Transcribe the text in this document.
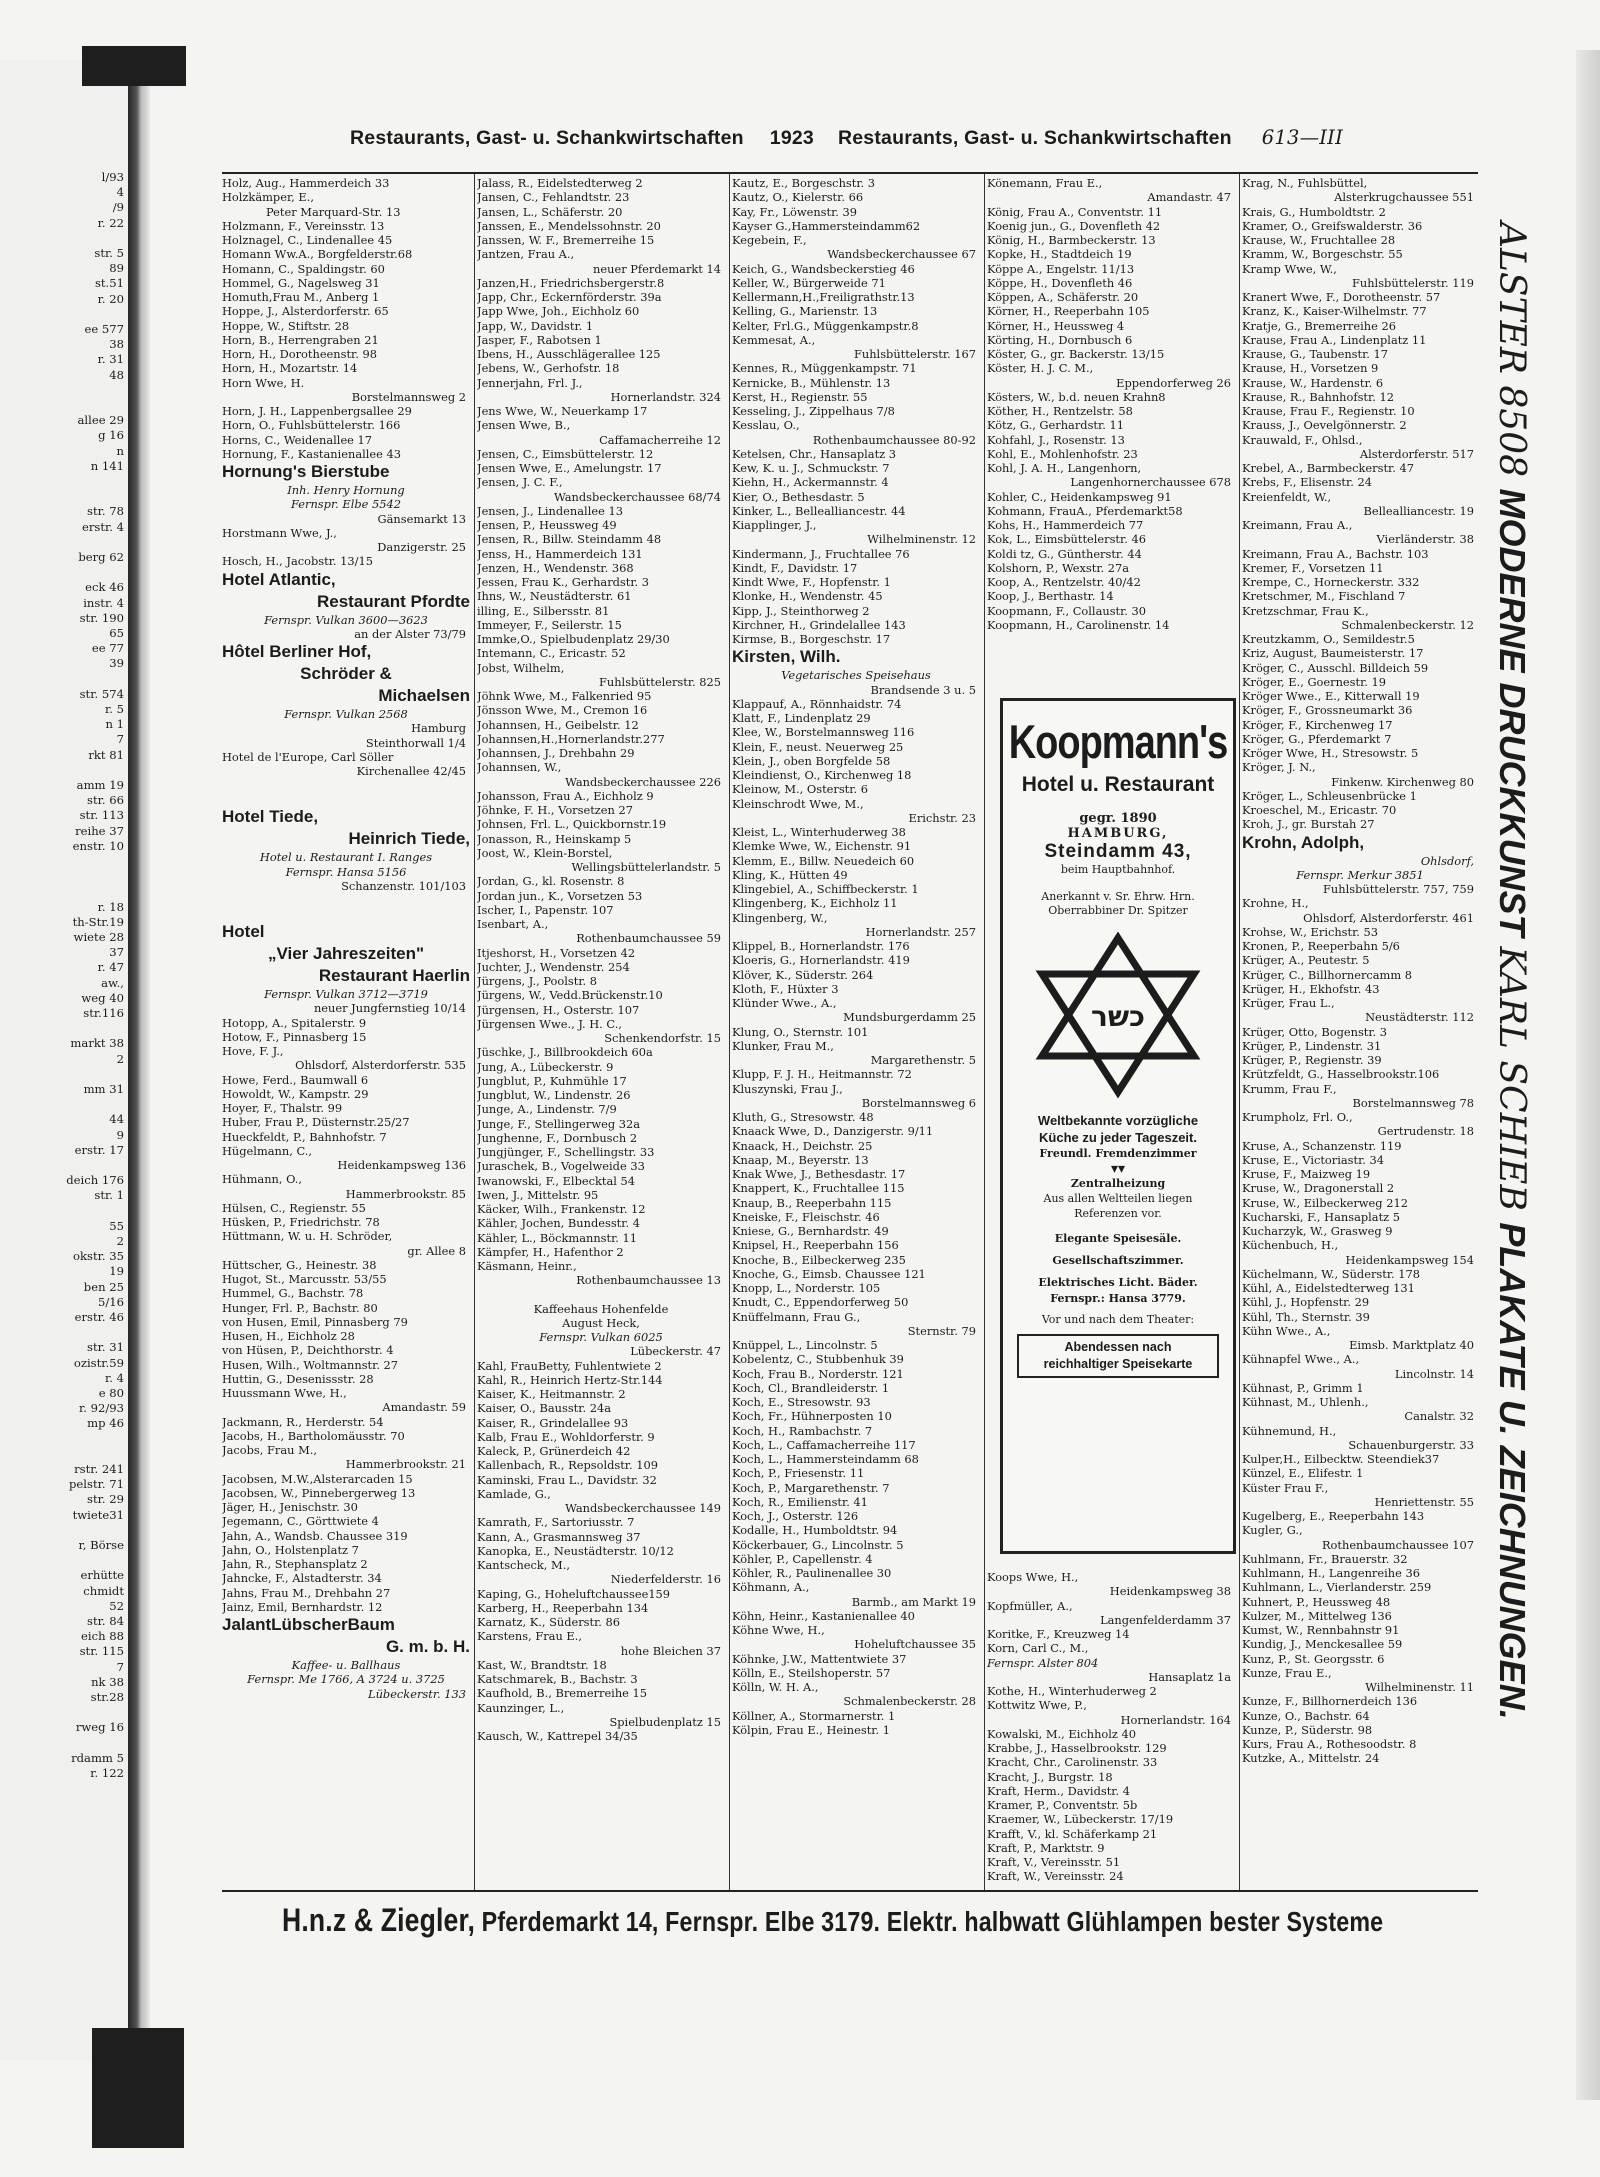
l/93
4
/9
r. 22
str. 5
89
st.51
r. 20
ee 577
38
r. 31
48
allee 29
g 16
n
n 141
str. 78
erstr. 4
berg 62
eck 46
instr. 4
str. 190
65
ee 77
39
str. 574
r. 5
n 1
7
rkt 81
amm 19
str. 66
str. 113
reihe 37
enstr. 10
r. 18
th-Str.19
wiete 28
37
r. 47
aw.,
weg 40
str.116
markt 38
2
mm 31
44
9
erstr. 17
deich 176
str. 1
55
2
okstr. 35
19
ben 25
5/16
erstr. 46
str. 31
ozistr.59
r. 4
e 80
r. 92/93
mp 46
rstr. 241
pelstr. 71
str. 29
twiete31
r, Börse
erhütte
chmidt
52
str. 84
eich 88
str. 115
7
nk 38
str.28
rweg 16
rdamm 5
r. 122
Restaurants, Gast- u. Schankwirtschaften 1923 Restaurants, Gast- u. Schankwirtschaften 613—III
Holz, Aug., Hammerdeich 33
Holzkämper, E.,
Peter Marquard-Str. 13
Holzmann, F., Vereinsstr. 13
Holznagel, C., Lindenallee 45
Homann Ww.A., Borgfelderstr.68
Homann, C., Spaldingstr. 60
Hommel, G., Nagelsweg 31
Homuth,Frau M., Anberg 1
Hoppe, J., Alsterdorferstr. 65
Hoppe, W., Stiftstr. 28
Horn, B., Herrengraben 21
Horn, H., Dorotheenstr. 98
Horn, H., Mozartstr. 14
Horn Wwe, H.
Borstelmannsweg 2
Horn, J. H., Lappenbergsallee 29
Horn, O., Fuhlsbüttelerstr. 166
Horns, C., Weidenallee 17
Hornung, F., Kastanienallee 43
Hornung's Bierstube
Inh. Henry Hornung
Fernspr. Elbe 5542
Gänsemarkt 13
Horstmann Wwe, J.,
Danzigerstr. 25
Hosch, H., Jacobstr. 13/15
Hotel Atlantic,
Restaurant Pfordte
Fernspr. Vulkan 3600—3623
an der Alster 73/79
Hôtel Berliner Hof,
Schröder &
Michaelsen
Fernspr. Vulkan 2568
Hamburg
Steinthorwall 1/4
Hotel de l'Europe, Carl Söller
Kirchenallee 42/45
Hotel Tiede,
Heinrich Tiede,
Hotel u. Restaurant I. Ranges
Fernspr. Hansa 5156
Schanzenstr. 101/103
Hotel
„Vier Jahreszeiten"
Restaurant Haerlin
Fernspr. Vulkan 3712—3719
neuer Jungfernstieg 10/14
Hotopp, A., Spitalerstr. 9
Hotow, F., Pinnasberg 15
Hove, F. J.,
Ohlsdorf, Alsterdorferstr. 535
Howe, Ferd., Baumwall 6
Howoldt, W., Kampstr. 29
Hoyer, F., Thalstr. 99
Huber, Frau P., Düsternstr.25/27
Hueckfeldt, P., Bahnhofstr. 7
Hügelmann, C.,
Heidenkampsweg 136
Hühmann, O.,
Hammerbrookstr. 85
Hülsen, C., Regienstr. 55
Hüsken, P., Friedrichstr. 78
Hüttmann, W. u. H. Schröder,
gr. Allee 8
Hüttscher, G., Heinestr. 38
Hugot, St., Marcusstr. 53/55
Hummel, G., Bachstr. 78
Hunger, Frl. P., Bachstr. 80
von Husen, Emil, Pinnasberg 79
Husen, H., Eichholz 28
von Hüsen, P., Deichthorstr. 4
Husen, Wilh., Woltmannstr. 27
Huttin, G., Desenissstr. 28
Huussmann Wwe, H.,
Amandastr. 59
Jackmann, R., Herderstr. 54
Jacobs, H., Bartholomäusstr. 70
Jacobs, Frau M.,
Hammerbrookstr. 21
Jacobsen, M.W.,Alsterarcaden 15
Jacobsen, W., Pinnebergerweg 13
Jäger, H., Jenischstr. 30
Jegemann, C., Görttwiete 4
Jahn, A., Wandsb. Chaussee 319
Jahn, O., Holstenplatz 7
Jahn, R., Stephansplatz 2
Jahncke, F., Alstadterstr. 34
Jahns, Frau M., Drehbahn 27
Jainz, Emil, Bernhardstr. 12
JalantLübscherBaum
G. m. b. H.
Kaffee- u. Ballhaus
Fernspr. Me 1766, A 3724 u. 3725
Lübeckerstr. 133
Jalass, R., Eidelstedterweg 2
Jansen, C., Fehlandtstr. 23
Jansen, L., Schäferstr. 20
Janssen, E., Mendelssohnstr. 20
Janssen, W. F., Bremerreihe 15
Jantzen, Frau A.,
neuer Pferdemarkt 14
Janzen,H., Friedrichsbergerstr.8
Japp, Chr., Eckernförderstr. 39a
Japp Wwe, Joh., Eichholz 60
Japp, W., Davidstr. 1
Jasper, F., Rabotsen 1
Ibens, H., Ausschlägerallee 125
Jebens, W., Gerhofstr. 18
Jennerjahn, Frl. J.,
Hornerlandstr. 324
Jens Wwe, W., Neuerkamp 17
Jensen Wwe, B.,
Caffamacherreihe 12
Jensen, C., Eimsbüttelerstr. 12
Jensen Wwe, E., Amelungstr. 17
Jensen, J. C. F.,
Wandsbeckerchaussee 68/74
Jensen, J., Lindenallee 13
Jensen, P., Heussweg 49
Jensen, R., Billw. Steindamm 48
Jenss, H., Hammerdeich 131
Jenzen, H., Wendenstr. 368
Jessen, Frau K., Gerhardstr. 3
Ihns, W., Neustädterstr. 61
illing, E., Silbersstr. 81
Immeyer, F., Seilerstr. 15
Immke,O., Spielbudenplatz 29/30
Intemann, C., Ericastr. 52
Jobst, Wilhelm,
Fuhlsbüttelerstr. 825
Jöhnk Wwe, M., Falkenried 95
Jönsson Wwe, M., Cremon 16
Johannsen, H., Geibelstr. 12
Johannsen,H.,Hornerlandstr.277
Johannsen, J., Drehbahn 29
Johannsen, W.,
Wandsbeckerchaussee 226
Johansson, Frau A., Eichholz 9
Jöhnke, F. H., Vorsetzen 27
Johnsen, Frl. L., Quickbornstr.19
Jonasson, R., Heinskamp 5
Joost, W., Klein-Borstel,
Wellingsbüttelerlandstr. 5
Jordan, G., kl. Rosenstr. 8
Jordan jun., K., Vorsetzen 53
Ischer, I., Papenstr. 107
Isenbart, A.,
Rothenbaumchaussee 59
Itjeshorst, H., Vorsetzen 42
Juchter, J., Wendenstr. 254
Jürgens, J., Poolstr. 8
Jürgens, W., Vedd.Brückenstr.10
Jürgensen, H., Osterstr. 107
Jürgensen Wwe., J. H. C.,
Schenkendorfstr. 15
Jüschke, J., Billbrookdeich 60a
Jung, A., Lübeckerstr. 9
Jungblut, P., Kuhmühle 17
Jungblut, W., Lindenstr. 26
Junge, A., Lindenstr. 7/9
Junge, F., Stellingerweg 32a
Junghenne, F., Dornbusch 2
Jungjünger, F., Schellingstr. 33
Juraschek, B., Vogelweide 33
Iwanowski, F., Elbecktal 54
Iwen, J., Mittelstr. 95
Käcker, Wilh., Frankenstr. 12
Kähler, Jochen, Bundesstr. 4
Kähler, L., Böckmannstr. 11
Kämpfer, H., Hafenthor 2
Käsmann, Heinr.,
Rothenbaumchaussee 13
Kaffeehaus Hohenfelde
August Heck,
Fernspr. Vulkan 6025
Lübeckerstr. 47
Kahl, FrauBetty, Fuhlentwiete 2
Kahl, R., Heinrich Hertz-Str.144
Kaiser, K., Heitmannstr. 2
Kaiser, O., Bausstr. 24a
Kaiser, R., Grindelallee 93
Kalb, Frau E., Wohldorferstr. 9
Kaleck, P., Grünerdeich 42
Kallenbach, R., Repsoldstr. 109
Kaminski, Frau L., Davidstr. 32
Kamlade, G.,
Wandsbeckerchaussee 149
Kamrath, F., Sartoriusstr. 7
Kann, A., Grasmannsweg 37
Kanopka, E., Neustädterstr. 10/12
Kantscheck, M.,
Niederfelderstr. 16
Kaping, G., Hoheluftchaussee159
Karberg, H., Reeperbahn 134
Karnatz, K., Süderstr. 86
Karstens, Frau E.,
hohe Bleichen 37
Kast, W., Brandtstr. 18
Katschmarek, B., Bachstr. 3
Kaufhold, B., Bremerreihe 15
Kaunzinger, L.,
Spielbudenplatz 15
Kausch, W., Kattrepel 34/35
Kautz, E., Borgeschstr. 3
Kautz, O., Kielerstr. 66
Kay, Fr., Löwenstr. 39
Kayser G.,Hammersteindamm62
Kegebein, F.,
Wandsbeckerchaussee 67
Keich, G., Wandsbeckerstieg 46
Keller, W., Bürgerweide 71
Kellermann,H.,Freiligrathstr.13
Kelling, G., Marienstr. 13
Kelter, Frl.G., Müggenkampstr.8
Kemmesat, A.,
Fuhlsbüttelerstr. 167
Kennes, R., Müggenkampstr. 71
Kernicke, B., Mühlenstr. 13
Kerst, H., Regienstr. 55
Kesseling, J., Zippelhaus 7/8
Kesslau, O.,
Rothenbaumchaussee 80-92
Ketelsen, Chr., Hansaplatz 3
Kew, K. u. J., Schmuckstr. 7
Kiehn, H., Ackermannstr. 4
Kier, O., Bethesdastr. 5
Kinker, L., Bellealliancestr. 44
Kiapplinger, J.,
Wilhelminenstr. 12
Kindermann, J., Fruchtallee 76
Kindt, F., Davidstr. 17
Kindt Wwe, F., Hopfenstr. 1
Klonke, H., Wendenstr. 45
Kipp, J., Steinthorweg 2
Kirchner, H., Grindelallee 143
Kirmse, B., Borgeschstr. 17
Kirsten, Wilh.
Vegetarisches Speisehaus
Brandsende 3 u. 5
Klappauf, A., Rönnhaidstr. 74
Klatt, F., Lindenplatz 29
Klee, W., Borstelmannsweg 116
Klein, F., neust. Neuerweg 25
Klein, J., oben Borgfelde 58
Kleindienst, O., Kirchenweg 18
Kleinow, M., Osterstr. 6
Kleinschrodt Wwe, M.,
Erichstr. 23
Kleist, L., Winterhuderweg 38
Klemke Wwe, W., Eichenstr. 91
Klemm, E., Billw. Neuedeich 60
Kling, K., Hütten 49
Klingebiel, A., Schiffbeckerstr. 1
Klingenberg, K., Eichholz 11
Klingenberg, W.,
Hornerlandstr. 257
Klippel, B., Hornerlandstr. 176
Kloeris, G., Hornerlandstr. 419
Klöver, K., Süderstr. 264
Kloth, F., Hüxter 3
Klünder Wwe., A.,
Mundsburgerdamm 25
Klung, O., Sternstr. 101
Klunker, Frau M.,
Margarethenstr. 5
Klupp, F. J. H., Heitmannstr. 72
Kluszynski, Frau J.,
Borstelmannsweg 6
Kluth, G., Stresowstr. 48
Knaack Wwe, D., Danzigerstr. 9/11
Knaack, H., Deichstr. 25
Knaap, M., Beyerstr. 13
Knak Wwe, J., Bethesdastr. 17
Knappert, K., Fruchtallee 115
Knaup, B., Reeperbahn 115
Kneiske, F., Fleischstr. 46
Kniese, G., Bernhardstr. 49
Knipsel, H., Reeperbahn 156
Knoche, B., Eilbeckerweg 235
Knoche, G., Eimsb. Chaussee 121
Knopp, L., Norderstr. 105
Knudt, C., Eppendorferweg 50
Knüffelmann, Frau G.,
Sternstr. 79
Knüppel, L., Lincolnstr. 5
Kobelentz, C., Stubbenhuk 39
Koch, Frau B., Norderstr. 121
Koch, Cl., Brandleiderstr. 1
Koch, E., Stresowstr. 93
Koch, Fr., Hühnerposten 10
Koch, H., Rambachstr. 7
Koch, L., Caffamacherreihe 117
Koch, L., Hammersteindamm 68
Koch, P., Friesenstr. 11
Koch, P., Margarethenstr. 7
Koch, R., Emilienstr. 41
Koch, J., Osterstr. 126
Kodalle, H., Humboldtstr. 94
Köckerbauer, G., Lincolnstr. 5
Köhler, P., Capellenstr. 4
Köhler, R., Paulinenallee 30
Köhmann, A.,
Barmb., am Markt 19
Köhn, Heinr., Kastanienallee 40
Köhne Wwe, H.,
Hoheluftchaussee 35
Köhnke, J.W., Mattentwiete 37
Kölln, E., Steilshoperstr. 57
Kölln, W. H. A.,
Schmalenbeckerstr. 28
Köllner, A., Stormarnerstr. 1
Kölpin, Frau E., Heinestr. 1
Könemann, Frau E.,
Amandastr. 47
König, Frau A., Conventstr. 11
Koenig jun., G., Dovenfleth 42
König, H., Barmbeckerstr. 13
Kopke, H., Stadtdeich 19
Köppe A., Engelstr. 11/13
Köppe, H., Dovenfleth 46
Köppen, A., Schäferstr. 20
Körner, H., Reeperbahn 105
Körner, H., Heussweg 4
Körting, H., Dornbusch 6
Köster, G., gr. Backerstr. 13/15
Köster, H. J. C. M.,
Eppendorferweg 26
Kösters, W., b.d. neuen Krahn8
Köther, H., Rentzelstr. 58
Kötz, G., Gerhardstr. 11
Kohfahl, J., Rosenstr. 13
Kohl, E., Mohlenhofstr. 23
Kohl, J. A. H., Langenhorn,
Langenhornerchaussee 678
Kohler, C., Heidenkampsweg 91
Kohmann, FrauA., Pferdemarkt58
Kohs, H., Hammerdeich 77
Kok, L., Eimsbüttelerstr. 46
Koldi tz, G., Güntherstr. 44
Kolshorn, P., Wexstr. 27a
Koop, A., Rentzelstr. 40/42
Koop, J., Berthastr. 14
Koopmann, F., Collaustr. 30
Koopmann, H., Carolinenstr. 14
Koops Wwe, H.,
Heidenkampsweg 38
Kopfmüller, A.,
Langenfelderdamm 37
Koritke, F., Kreuzweg 14
Korn, Carl C., M.,
Fernspr. Alster 804
Hansaplatz 1a
Kothe, H., Winterhuderweg 2
Kottwitz Wwe, P.,
Hornerlandstr. 164
Kowalski, M., Eichholz 40
Krabbe, J., Hasselbrookstr. 129
Kracht, Chr., Carolinenstr. 33
Kracht, J., Burgstr. 18
Kraft, Herm., Davidstr. 4
Kramer, P., Conventstr. 5b
Kraemer, W., Lübeckerstr. 17/19
Krafft, V., kl. Schäferkamp 21
Kraft, P., Marktstr. 9
Kraft, V., Vereinsstr. 51
Kraft, W., Vereinsstr. 24
Krag, N., Fuhlsbüttel,
Alsterkrugchaussee 551
Krais, G., Humboldtstr. 2
Kramer, O., Greifswalderstr. 36
Krause, W., Fruchtallee 28
Kramm, W., Borgeschstr. 55
Kramp Wwe, W.,
Fuhlsbüttelerstr. 119
Kranert Wwe, F., Dorotheenstr. 57
Kranz, K., Kaiser-Wilhelmstr. 77
Kratje, G., Bremerreihe 26
Krause, Frau A., Lindenplatz 11
Krause, G., Taubenstr. 17
Krause, H., Vorsetzen 9
Krause, W., Hardenstr. 6
Krause, R., Bahnhofstr. 12
Krause, Frau F., Regienstr. 10
Krauss, J., Oevelgönnerstr. 2
Krauwald, F., Ohlsd.,
Alsterdorferstr. 517
Krebel, A., Barmbeckerstr. 47
Krebs, F., Elisenstr. 24
Kreienfeldt, W.,
Bellealliancestr. 19
Kreimann, Frau A.,
Vierländerstr. 38
Kreimann, Frau A., Bachstr. 103
Kremer, F., Vorsetzen 11
Krempe, C., Horneckerstr. 332
Kretschmer, M., Fischland 7
Kretzschmar, Frau K.,
Schmalenbeckerstr. 12
Kreutzkamm, O., Semildestr.5
Kriz, August, Baumeisterstr. 17
Kröger, C., Ausschl. Billdeich 59
Kröger, E., Goernestr. 19
Kröger Wwe., E., Kitterwall 19
Kröger, F., Grossneumarkt 36
Kröger, F., Kirchenweg 17
Kröger, G., Pferdemarkt 7
Kröger Wwe, H., Stresowstr. 5
Kröger, J. N.,
Finkenw. Kirchenweg 80
Kröger, L., Schleusenbrücke 1
Kroeschel, M., Ericastr. 70
Kroh, J., gr. Burstah 27
Krohn, Adolph,
Ohlsdorf,
Fernspr. Merkur 3851
Fuhlsbüttelerstr. 757, 759
Krohne, H.,
Ohlsdorf, Alsterdorferstr. 461
Krohse, W., Erichstr. 53
Kronen, P., Reeperbahn 5/6
Krüger, A., Peutestr. 5
Krüger, C., Billhornercamm 8
Krüger, H., Ekhofstr. 43
Krüger, Frau L.,
Neustädterstr. 112
Krüger, Otto, Bogenstr. 3
Krüger, P., Lindenstr. 31
Krüger, P., Regienstr. 39
Krützfeldt, G., Hasselbrookstr.106
Krumm, Frau F.,
Borstelmannsweg 78
Krumpholz, Frl. O.,
Gertrudenstr. 18
Kruse, A., Schanzenstr. 119
Kruse, E., Victoriastr. 34
Kruse, F., Maizweg 19
Kruse, W., Dragonerstall 2
Kruse, W., Eilbeckerweg 212
Kucharski, F., Hansaplatz 5
Kucharzyk, W., Grasweg 9
Küchenbuch, H.,
Heidenkampsweg 154
Küchelmann, W., Süderstr. 178
Kühl, A., Eidelstedterweg 131
Kühl, J., Hopfenstr. 29
Kühl, Th., Sternstr. 39
Kühn Wwe., A.,
Eimsb. Marktplatz 40
Kühnapfel Wwe., A.,
Lincolnstr. 14
Kühnast, P., Grimm 1
Kühnast, M., Uhlenh.,
Canalstr. 32
Kühnemund, H.,
Schauenburgerstr. 33
Kulper,H., Eilbecktw. Steendiek37
Künzel, E., Elifestr. 1
Küster Frau F.,
Henriettenstr. 55
Kugelberg, E., Reeperbahn 143
Kugler, G.,
Rothenbaumchaussee 107
Kuhlmann, Fr., Brauerstr. 32
Kuhlmann, H., Langenreihe 36
Kuhlmann, L., Vierlanderstr. 259
Kuhnert, P., Heussweg 48
Kulzer, M., Mittelweg 136
Kumst, W., Rennbahnstr 91
Kundig, J., Menckesallee 59
Kunz, P., St. Georgsstr. 6
Kunze, Frau E.,
Wilhelminenstr. 11
Kunze, F., Billhornerdeich 136
Kunze, O., Bachstr. 64
Kunze, P., Süderstr. 98
Kurs, Frau A., Rothesoodstr. 8
Kutzke, A., Mittelstr. 24
Koopmann's
Hotel u. Restaurant
gegr. 1890
HAMBURG,
Steindamm 43,
beim Hauptbahnhof.
Anerkannt v. Sr. Ehrw. Hrn.
Oberrabbiner Dr. Spitzer
כשר
Weltbekannte vorzügliche
Küche zu jeder Tageszeit.
Freundl. Fremdenzimmer
▾▾
Zentralheizung
Aus allen Weltteilen liegen
Referenzen vor.
Elegante Speisesäle.
Gesellschaftszimmer.
Elektrisches Licht. Bäder.
Fernspr.: Hansa 3779.
Vor und nach dem Theater:
Abendessen nach
reichhaltiger Speisekarte
H.n.z & Ziegler, Pferdemarkt 14, Fernspr. Elbe 3179. Elektr. halbwatt Glühlampen bester Systeme
ALSTER 8508 MODERNE DRUCKKUNST KARL SCHIEB PLAKATE U. ZEICHNUNGEN.
